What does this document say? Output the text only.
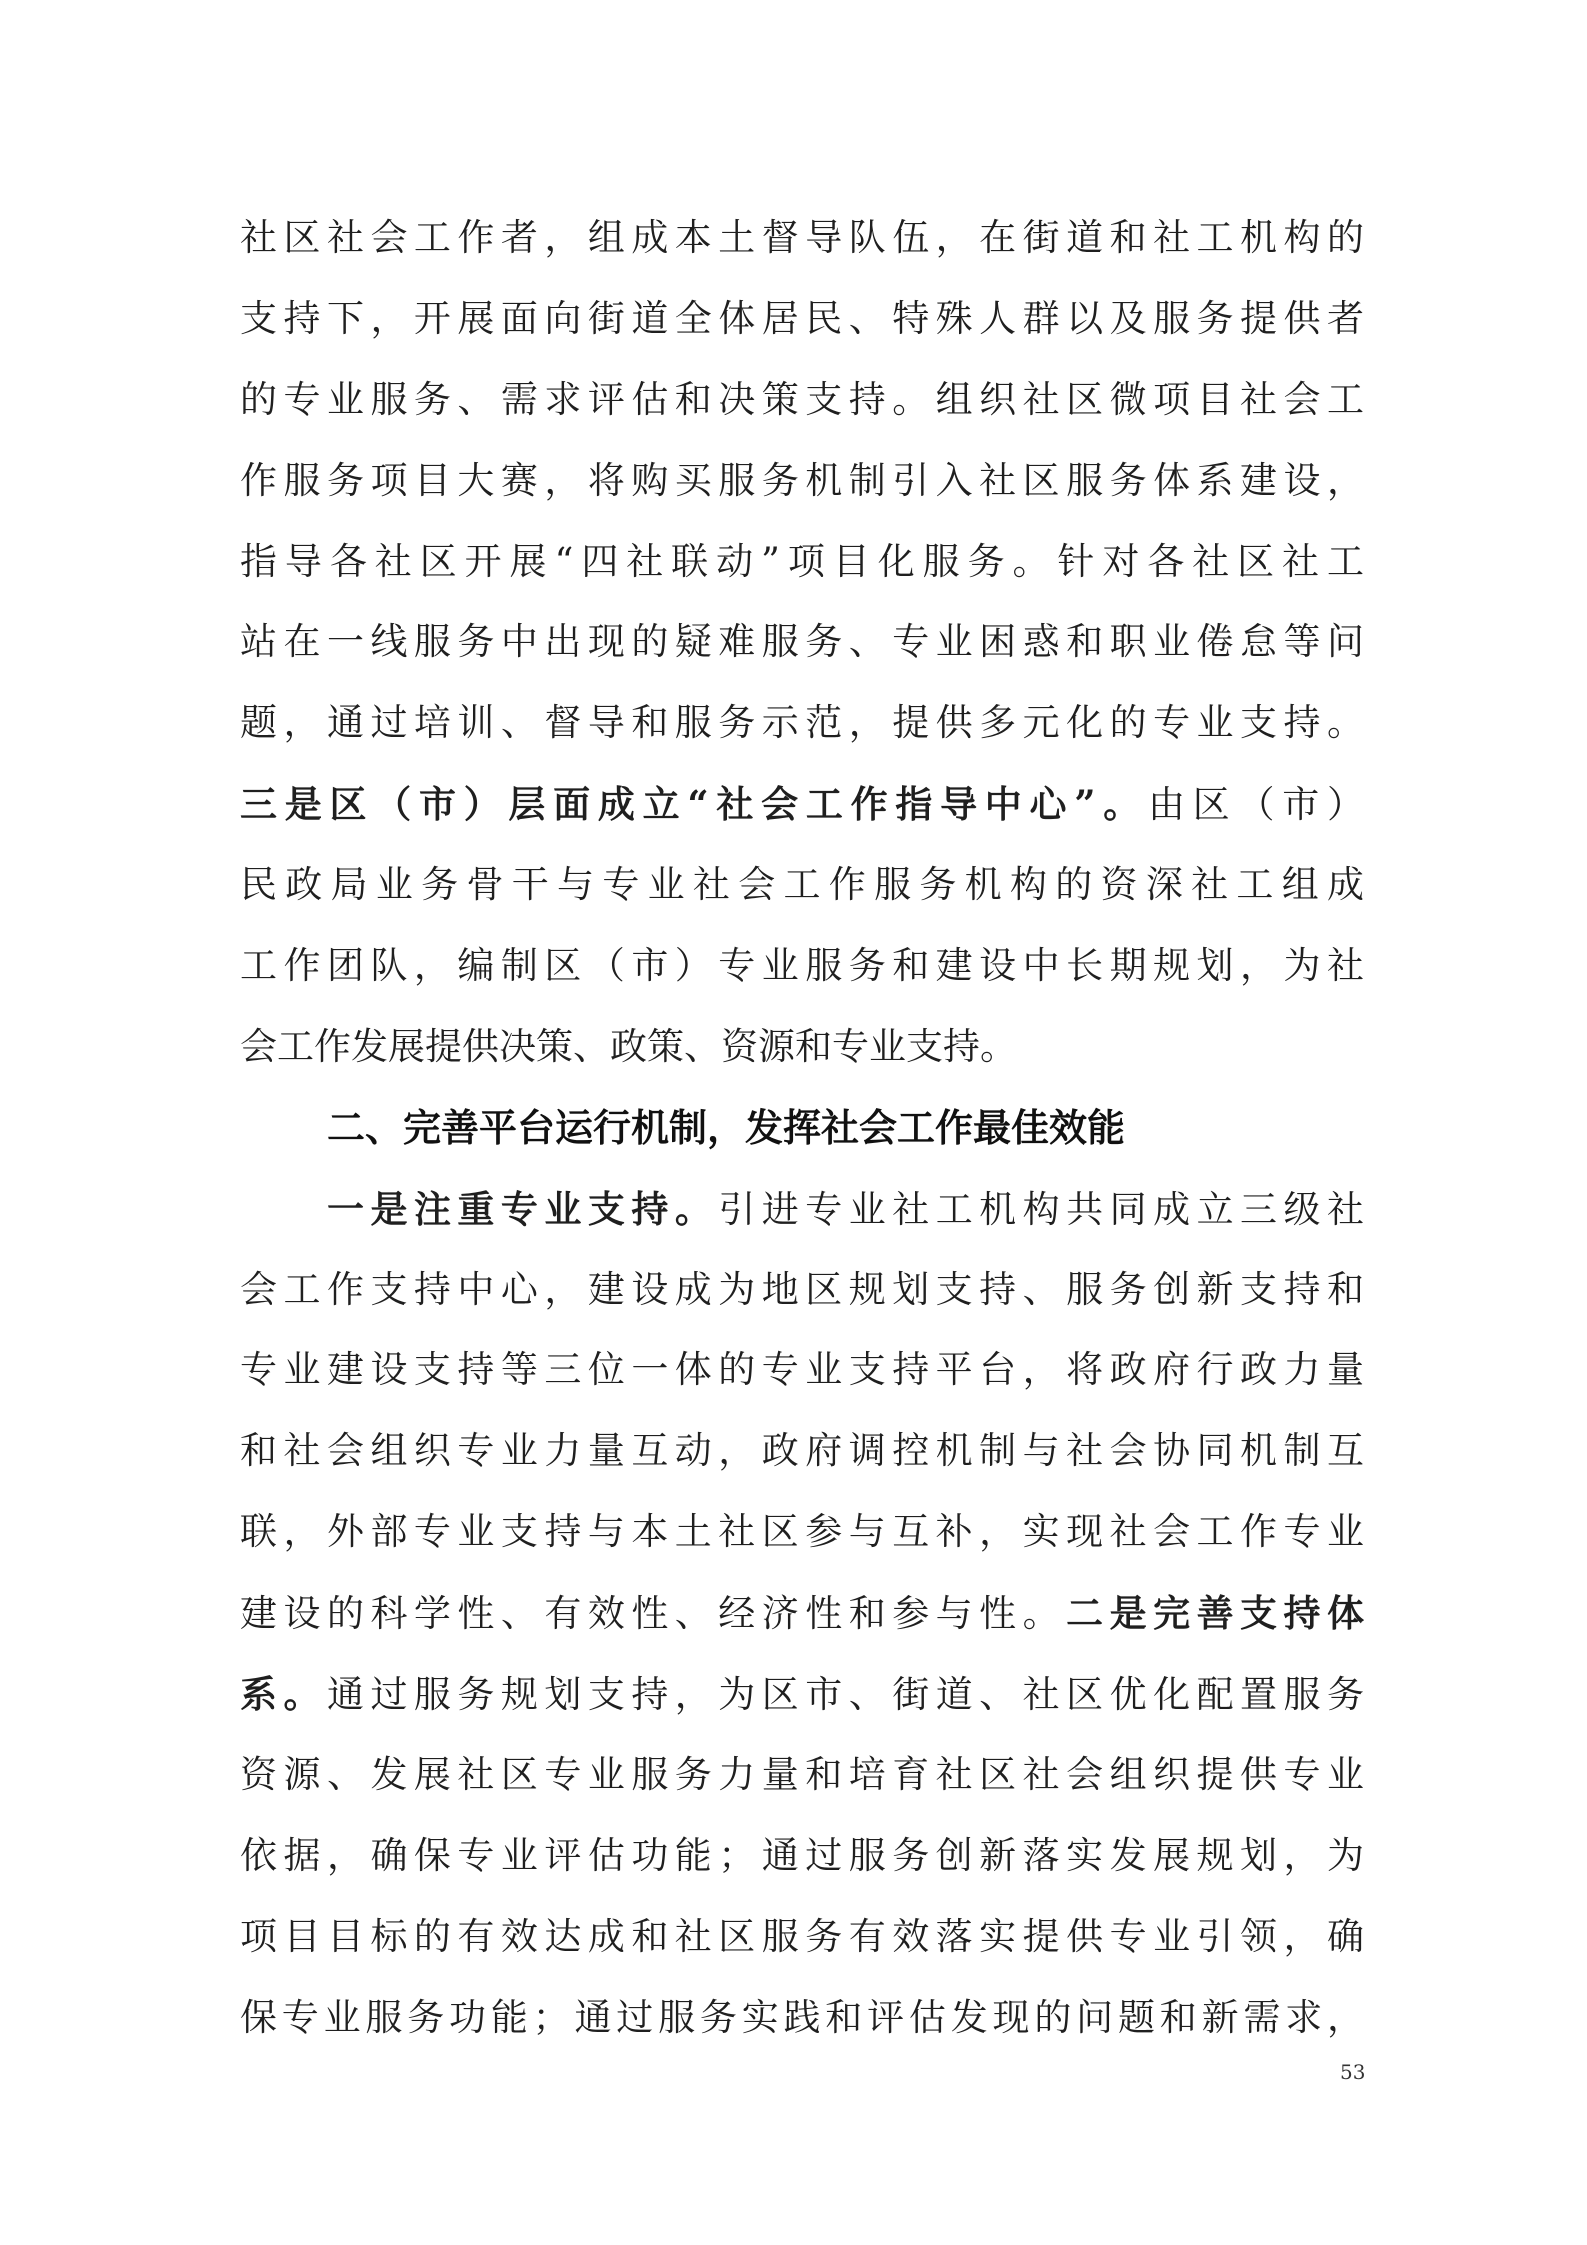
社区社会工作者，组成本土督导队伍，在街道和社工机构的
支持下，开展面向街道全体居民、特殊人群以及服务提供者
的专业服务、需求评估和决策支持。组织社区微项目社会工
作服务项目大赛，将购买服务机制引入社区服务体系建设，
指导各社区开展“四社联动”项目化服务。针对各社区社工
站在一线服务中出现的疑难服务、专业困惑和职业倦怠等问
题，通过培训、督导和服务示范，提供多元化的专业支持。
三是区（市）层面成立“社会工作指导中心”。由区（市）
民政局业务骨干与专业社会工作服务机构的资深社工组成
工作团队，编制区（市）专业服务和建设中长期规划，为社
会工作发展提供决策、政策、资源和专业支持。
二、完善平台运行机制，发挥社会工作最佳效能
一是注重专业支持。引进专业社工机构共同成立三级社
会工作支持中心，建设成为地区规划支持、服务创新支持和
专业建设支持等三位一体的专业支持平台，将政府行政力量
和社会组织专业力量互动，政府调控机制与社会协同机制互
联，外部专业支持与本土社区参与互补，实现社会工作专业
建设的科学性、有效性、经济性和参与性。二是完善支持体
系。通过服务规划支持，为区市、街道、社区优化配置服务
资源、发展社区专业服务力量和培育社区社会组织提供专业
依据，确保专业评估功能；通过服务创新落实发展规划，为
项目目标的有效达成和社区服务有效落实提供专业引领，确
保专业服务功能；通过服务实践和评估发现的问题和新需求，
53
